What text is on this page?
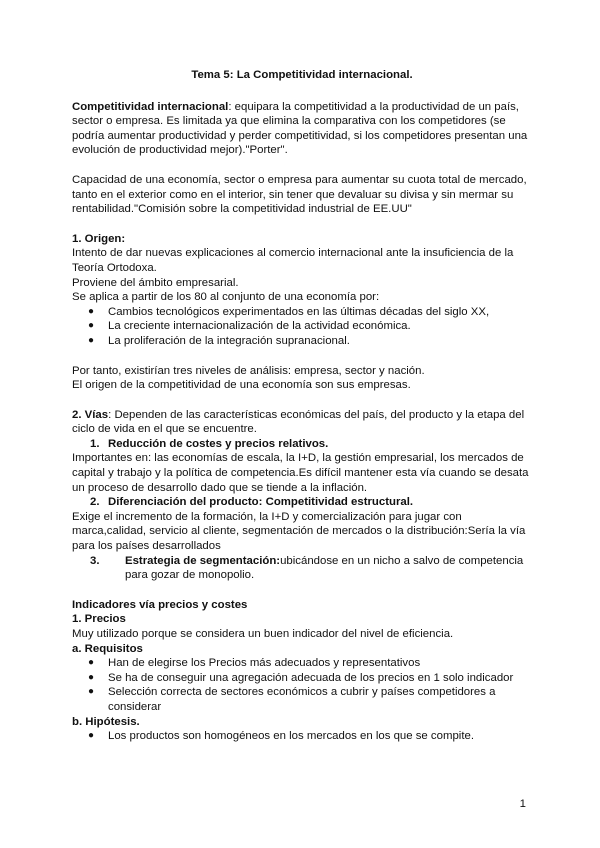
Tema 5: La Competitividad internacional.

Competitividad internacional: equipara la competitividad a la productividad de un país, sector o empresa. Es limitada ya que elimina la comparativa con los competidores (se podría aumentar productividad y perder competitividad, si los competidores presentan una evolución de productividad mejor)."Porter".

Capacidad de una economía, sector o empresa para aumentar su cuota total de mercado, tanto en el exterior como en el interior, sin tener que devaluar su divisa y sin mermar su rentabilidad."Comisión sobre la competitividad industrial de EE.UU"

1. Origen:

Intento de dar nuevas explicaciones al comercio internacional ante la insuficiencia de la Teoría Ortodoxa.

Proviene del ámbito empresarial.

Se aplica a partir de los 80 al conjunto de una economía por:

● Cambios tecnológicos experimentados en las últimas décadas del siglo XX,
● La creciente internacionalización de la actividad económica.
● La proliferación de la integración supranacional.

Por tanto, existirían tres niveles de análisis: empresa, sector y nación.

El origen de la competitividad de una economía son sus empresas.

2. Vías: Dependen de las características económicas del país, del producto y la etapa del ciclo de vida en el que se encuentre.

1. Reducción de costes y precios relativos.

Importantes en: las economías de escala, la I+D, la gestión empresarial, los mercados de capital y trabajo y la política de competencia.Es difícil mantener esta vía cuando se desata un proceso de desarrollo dado que se tiende a la inflación.

2. Diferenciación del producto: Competitividad estructural.

Exige el incremento de la formación, la I+D y comercialización para jugar con marca,calidad, servicio al cliente, segmentación de mercados o la distribución:Sería la vía para los países desarrollados

3. Estrategia de segmentación:ubicándose en un nicho a salvo de competencia para gozar de monopolio.

Indicadores vía precios y costes

1. Precios

Muy utilizado porque se considera un buen indicador del nivel de eficiencia.

a. Requisitos

● Han de elegirse los Precios más adecuados y representativos
● Se ha de conseguir una agregación adecuada de los precios en 1 solo indicador
● Selección correcta de sectores económicos a cubrir y países competidores a considerar

b. Hipótesis.

● Los productos son homogéneos en los mercados en los que se compite.
1
